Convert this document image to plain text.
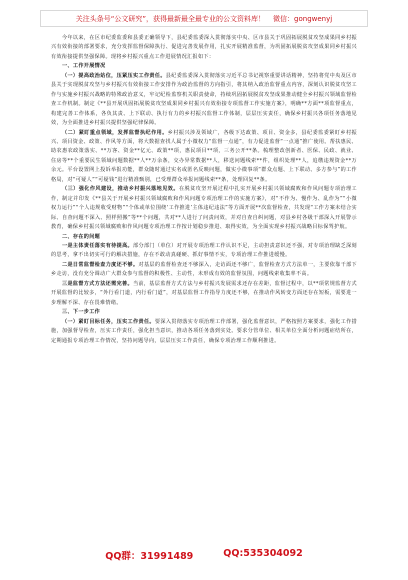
关注头条号“公文研究”，获得最新最全最专业的公文资料库！ 微信：gongwenyj

今年以来，在区市纪委监委和县委正确领导下，县纪委监委深入贯彻落实中央、区市县关于巩固拓展脱贫攻坚成果同乡村振兴有效衔接的部署要求，充分发挥监督保障执行、促进完善发展作用，扎实开展精准监督，为巩固拓展脱贫攻坚成果同乡村振兴有效衔接提供坚强保障。现将乡村振兴重点工作进展情况汇报如下：

一、工作开展情况

（一）提高政治站位，压紧压实工作责任。县纪委监委深入贯彻落实习近平总书记视察重要讲话精神，坚持将党中央及区市县关于实现脱贫攻坚与乡村振兴有效衔接工作安排作为政治监督的方向指引，将其纳入政治监督重点内容，深刻认识脱贫攻坚工作与实施乡村振兴战略的特殊政治意义，牢记纪检监察机关职责使命，持续巩固拓展脱贫攻坚成果推动健全乡村振兴领域监督检查工作机制。制定《**县开展巩固拓展脱贫攻坚成果同乡村振兴有效衔接专项监督工作实施方案》，明确**方面**项监督重点，构建完善工作体系，各负其责、上下联动、执行有力的乡村振兴监督工作体制，层层压实责任，确保乡村振兴各项任务落地见效，为全面推进乡村振兴提供坚强纪律保障。

（二）紧盯重点领域，发挥监督执纪作用。乡村振兴涉及领域广，各级下达政策、项目、资金多，县纪委监委紧盯乡村振兴、项目资金、政策、作风等方面，将大数据查找人属于小微权力“监督一点通”，有力促进监督“一点通”推广使用。帮扶惠民、助农惠农政策落实、**万客、资金**亿元、政策**项，惠民项目**项，三务公开**条。梳理整改创新者、医保、民政、就业、住房等**个重要民生领域问题数据**人**万余条，交办异常数据**人，移送问题线索**件，组织处理**人，追缴违规资金**万余元。平台设置网上投诉举报功能，群众随时通过实名或匿名反映问题，做实小微事项“群众点题、上下联动、多方参与”的工作格局，对“可疑人”“可疑钱”进行精准甄别，已受理群众举报问题线索**条，处理回复**条。

（三）强化作风建设，推动乡村振兴落地见效。在脱贫攻坚开展过程中扎实开展乡村振兴领域腐败和作风问题专项治理工作，制定并印发《**县关于开展乡村振兴领域腐败和作风问题专项治理工作的实施方案》，对“不作为、慢作为、乱作为”“小微权力运行”“个人违规收受财物”“个体或单位围绕‘工作推进’主体违纪违法”等方面开展**次监督检查，共发现“工作方案未结合实际、自查问题不深入、照样照搬”等**个问题，共对**人进行了问责问效，并对自查自纠问题，对县乡村各级干部深入开展警示教育，确保乡村振兴领域腐败和作风问题专项治理工作按计划稳步推进、取得实效，为全面实现乡村振兴战略目标保驾护航。

二、存在的问题

一是主体责任落实有待提高。部分部门（单位）对开展专项治理工作认识不足，主动担责意识还不强，对专项治理缺乏深刻的思考，拿不出切实可行的解决措施，存在不敢动真碰硬、抓好事情不实，专项治理工作推进缓慢。

二是日常监督检查力度还不够。对基层的监督检查还不够深入，走访面还不够广，监督检查方式方法单一，主要依靠干部下乡走访，没有充分调动广大群众参与监督的积极性、主动性，未形成有效的监督氛围，问题线索收集率不高。

三是监督方式方法还需完善。当前，基层监督方式方法与乡村振兴发展需求还存在差距，监督过程中，以**项常规监督方式开展监督的比较多，“外行看门道，内行看门道”，对基层监督工作指导力度还不够，在推动作风转变方面还存在短板，需要进一步理解不深、存在畏难情绪。

三、下一步工作

（一）紧盯目标任务，压实工作责任。要深入贯彻落实专项治理工作部署，强化监督意识，严格按照方案要求，强化工作措施，加强督导检查，压实工作责任，强化担当意识，推动各项任务落到实处。要求分管单位、相关单位全面分析问题症结所在，定期通报专项治理工作情况，坚持问题导向，层层压实工作责任，确保专项治理工作顺利推进。

QQ群：31991489	QQ:535304092
